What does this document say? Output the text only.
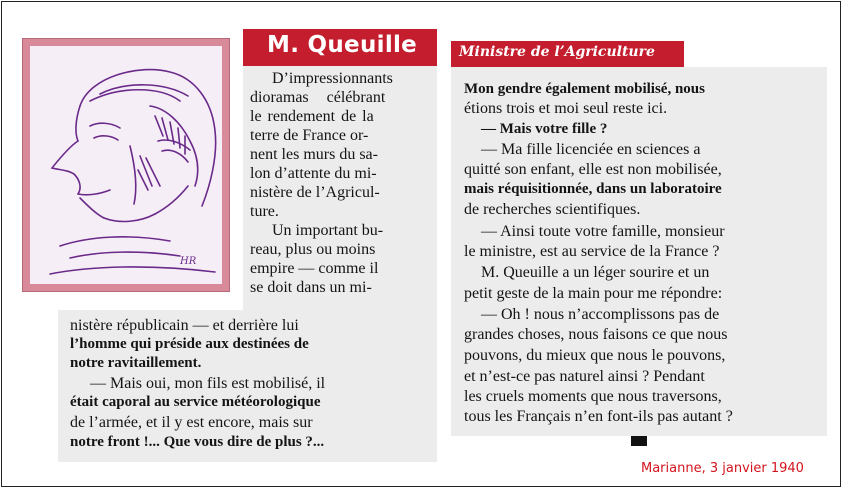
HR
M. Queuille	Ministre de l’Agriculture
D’impressionnants
dioramas célébrant
le rendement de la
terre de France or-
nent les murs du sa-
lon d’attente du mi-
nistère de l’Agricul-
ture.
Un important bu-
reau, plus ou moins
empire — comme il
se doit dans un mi-
nistère républicain — et derrière lui
l’homme qui préside aux destinées de
notre ravitaillement.
— Mais oui, mon fils est mobilisé, il
était caporal au service météorologique
de l’armée, et il y est encore, mais sur
notre front !... Que vous dire de plus ?...
Mon gendre également mobilisé, nous
étions trois et moi seul reste ici.
— Mais votre fille ?
— Ma fille licenciée en sciences a
quitté son enfant, elle est non mobilisée,
mais réquisitionnée, dans un laboratoire
de recherches scientifiques.
— Ainsi toute votre famille, monsieur
le ministre, est au service de la France ?
M. Queuille a un léger sourire et un
petit geste de la main pour me répondre:
— Oh ! nous n’accomplissons pas de
grandes choses, nous faisons ce que nous
pouvons, du mieux que nous le pouvons,
et n’est-ce pas naturel ainsi ? Pendant
les cruels moments que nous traversons,
tous les Français n’en font-ils pas autant ?
Marianne, 3 janvier 1940
